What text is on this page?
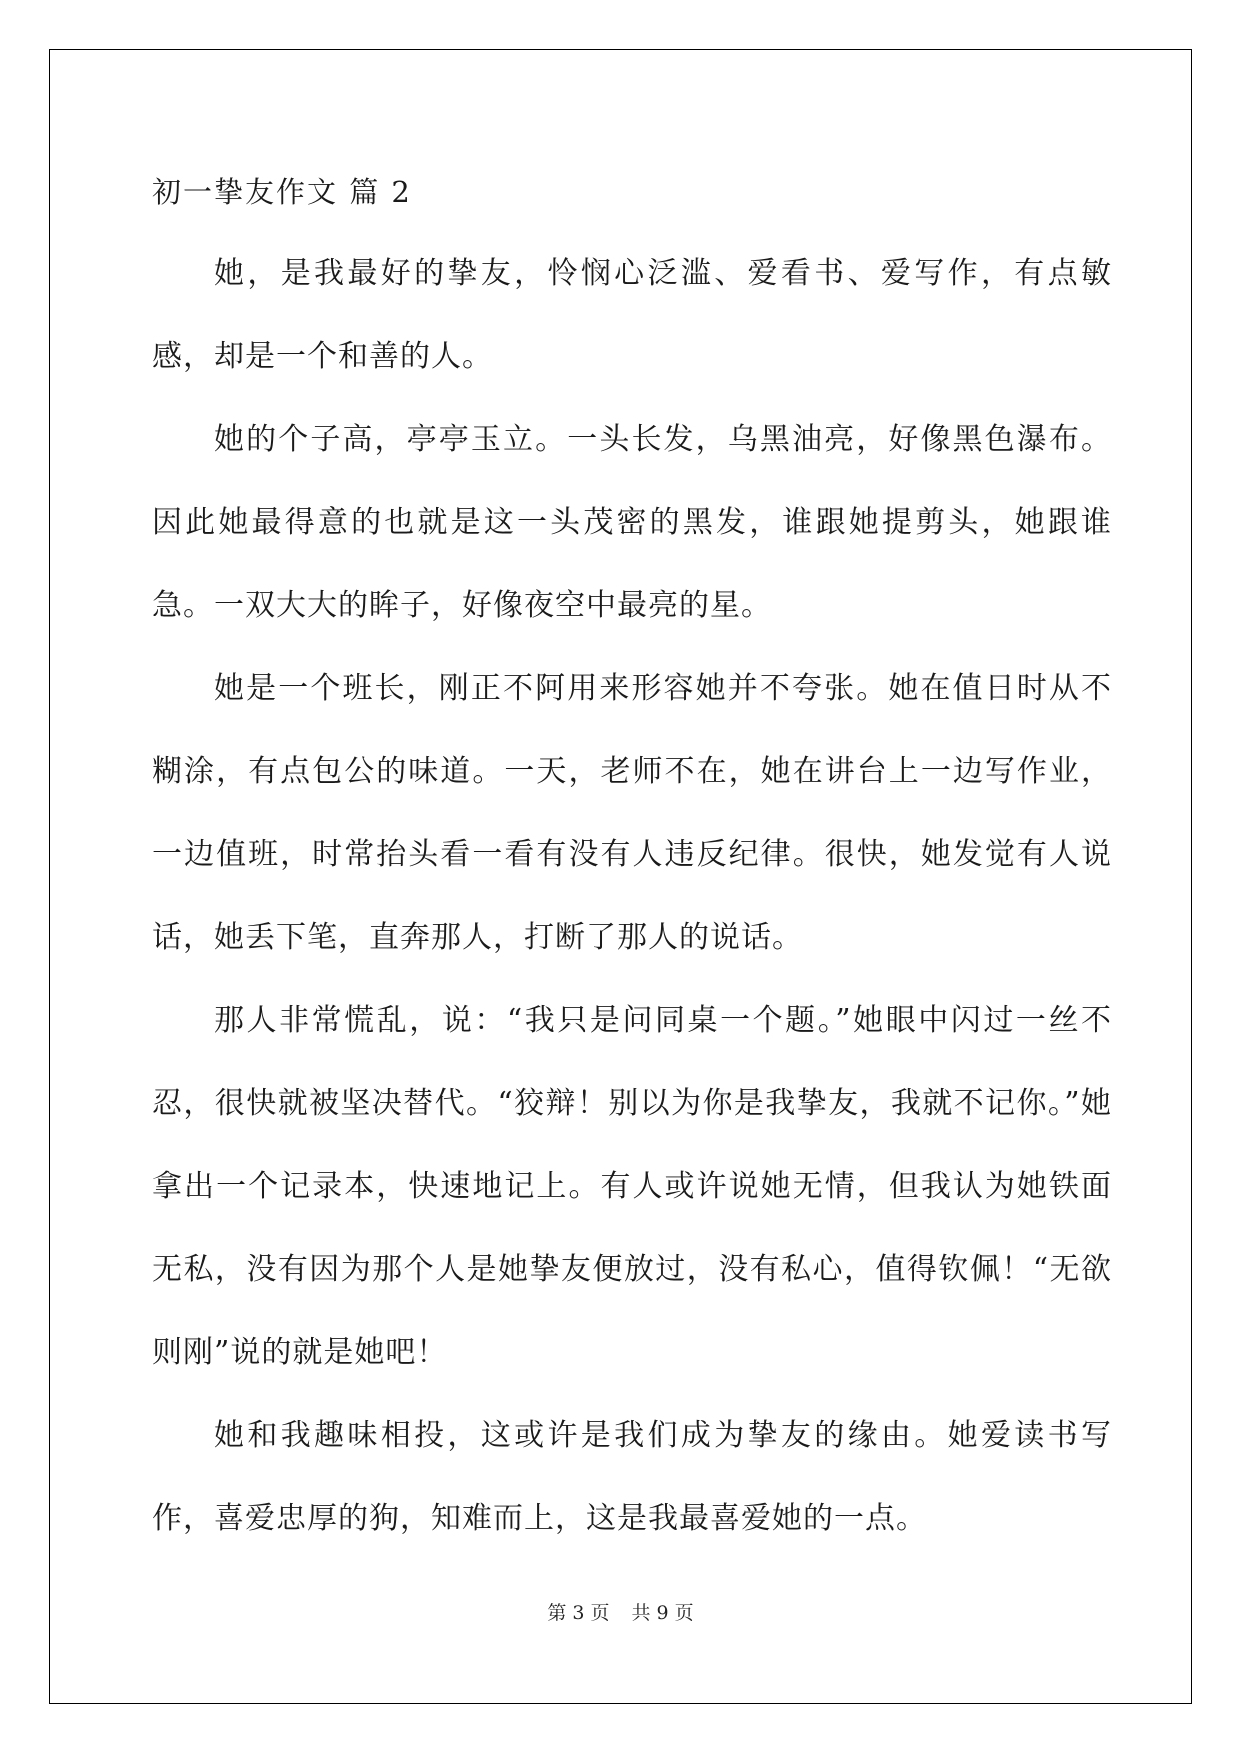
初一挚友作文 篇 2

她，是我最好的挚友，怜悯心泛滥、爱看书、爱写作，有点敏感，却是一个和善的人。

她的个子高，亭亭玉立。一头长发，乌黑油亮，好像黑色瀑布。因此她最得意的也就是这一头茂密的黑发，谁跟她提剪头，她跟谁急。一双大大的眸子，好像夜空中最亮的星。

她是一个班长，刚正不阿用来形容她并不夸张。她在值日时从不糊涂，有点包公的味道。一天，老师不在，她在讲台上一边写作业，一边值班，时常抬头看一看有没有人违反纪律。很快，她发觉有人说话，她丢下笔，直奔那人，打断了那人的说话。

那人非常慌乱，说：“我只是问同桌一个题。”她眼中闪过一丝不忍，很快就被坚决替代。“狡辩！别以为你是我挚友，我就不记你。”她拿出一个记录本，快速地记上。有人或许说她无情，但我认为她铁面无私，没有因为那个人是她挚友便放过，没有私心，值得钦佩！“无欲则刚”说的就是她吧！

她和我趣味相投，这或许是我们成为挚友的缘由。她爱读书写作，喜爱忠厚的狗，知难而上，这是我最喜爱她的一点。

第 3 页 共 9 页
